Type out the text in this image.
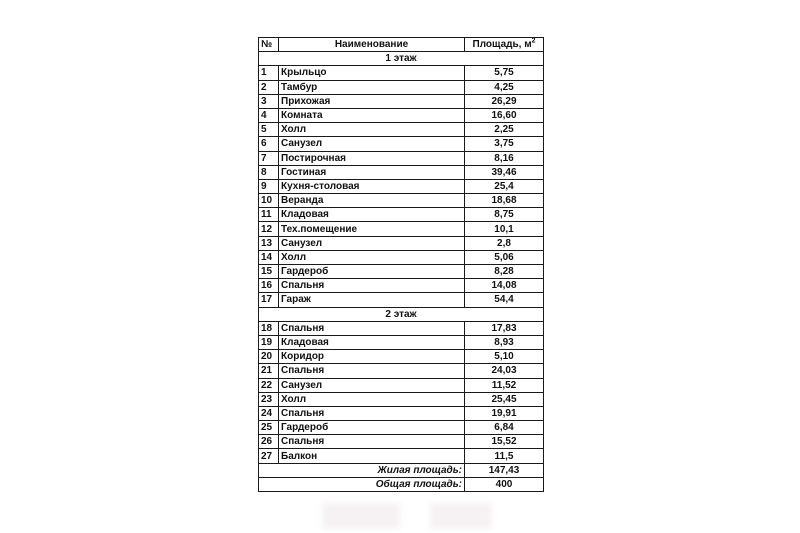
№	Наименование	Площадь, $м^2$
1 этаж		
1	Крыльцо	5,75
2	Тамбур	4,25
3	Прихожая	26,29
4	Комната	16,60
5	Холл	2,25
6	Санузел	3,75
7	Постирочная	8,16
8	Гостиная	39,46
9	Кухня-столовая	25,4
10	Веранда	18,68
11	Кладовая	8,75
12	Тех.помещение	10,1
13	Санузел	2,8
14	Холл	5,06
15	Гардероб	8,28
16	Спальня	14,08
17	Гараж	54,4
2 этаж		
18	Спальня	17,83
19	Кладовая	8,93
20	Коридор	5,10
21	Спальня	24,03
22	Санузел	11,52
23	Холл	25,45
24	Спальня	19,91
25	Гардероб	6,84
26	Спальня	15,52
27	Балкон	11,5
Жилая площадь:		147,43
Общая площадь:		400
